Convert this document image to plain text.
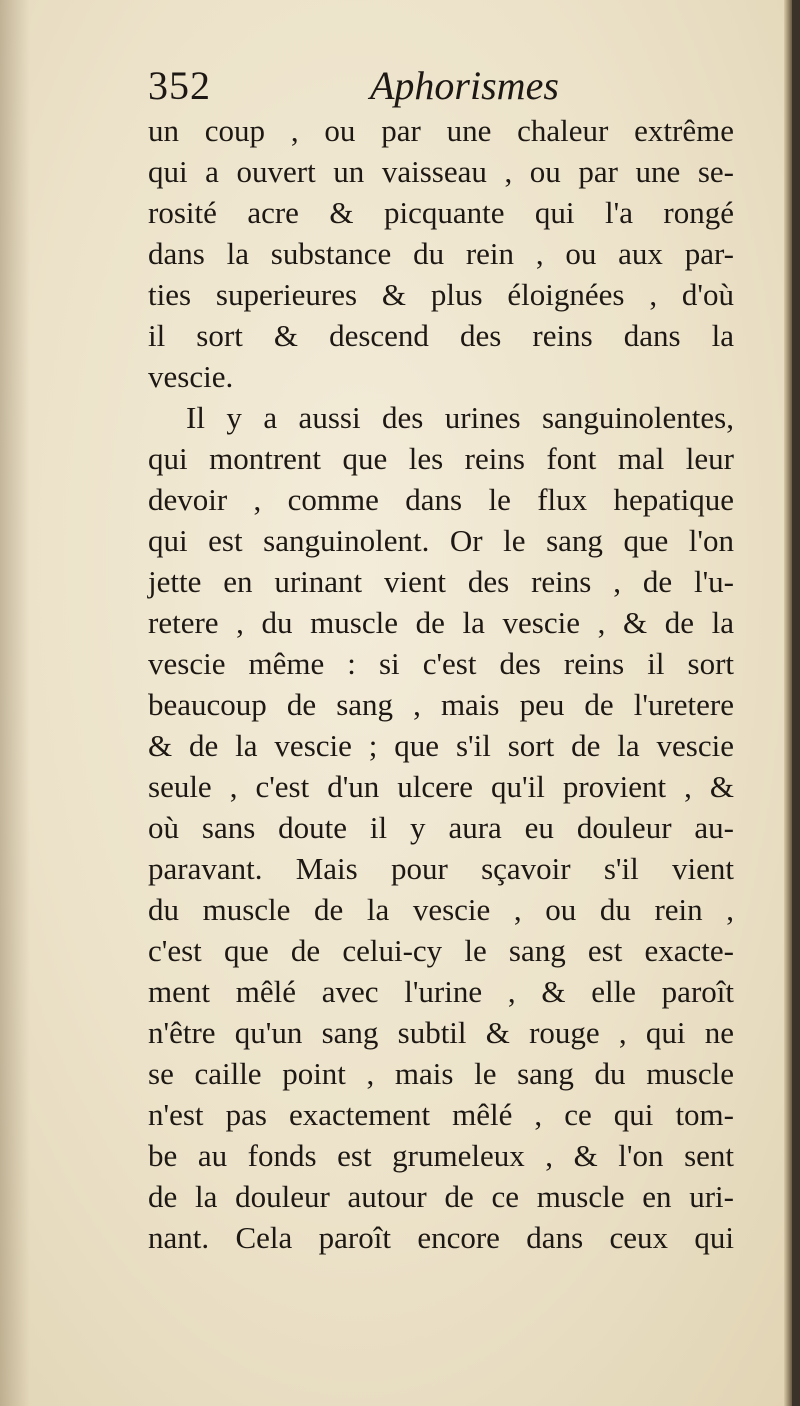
352	Aphorismes
un coup , ou par une chaleur extrême
qui a ouvert un vaisseau , ou par une se-
rosité acre & picquante qui l'a rongé
dans la substance du rein , ou aux par-
ties superieures & plus éloignées , d'où
il sort & descend des reins dans la
vescie.
Il y a aussi des urines sanguinolentes,
qui montrent que les reins font mal leur
devoir , comme dans le flux hepatique
qui est sanguinolent. Or le sang que l'on
jette en urinant vient des reins , de l'u-
retere , du muscle de la vescie , & de la
vescie même : si c'est des reins il sort
beaucoup de sang , mais peu de l'uretere
& de la vescie ; que s'il sort de la vescie
seule , c'est d'un ulcere qu'il provient , &
où sans doute il y aura eu douleur au-
paravant. Mais pour sçavoir s'il vient
du muscle de la vescie , ou du rein ,
c'est que de celui-cy le sang est exacte-
ment mêlé avec l'urine , & elle paroît
n'être qu'un sang subtil & rouge , qui ne
se caille point , mais le sang du muscle
n'est pas exactement mêlé , ce qui tom-
be au fonds est grumeleux , & l'on sent
de la douleur autour de ce muscle en uri-
nant. Cela paroît encore dans ceux qui
